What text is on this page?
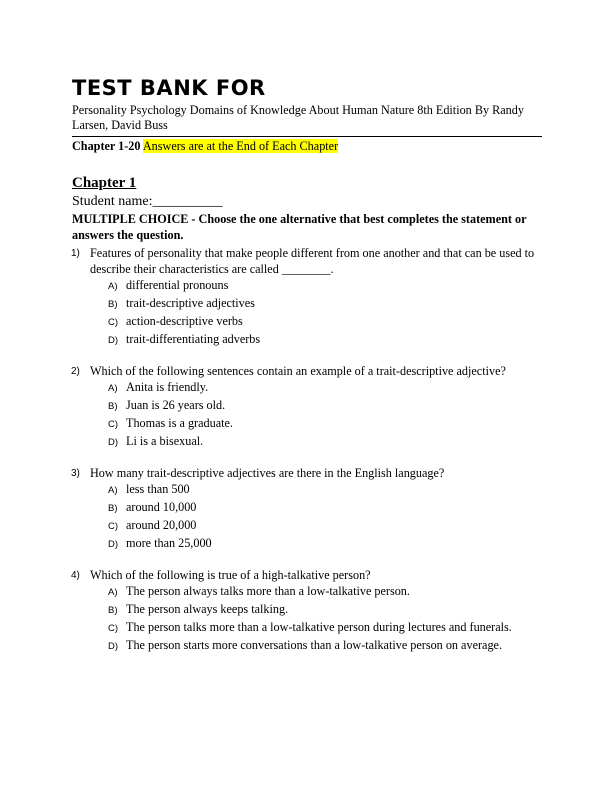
TEST BANK FOR
Personality Psychology Domains of Knowledge About Human Nature 8th Edition By Randy Larsen, David Buss
Chapter 1-20 Answers are at the End of Each Chapter
Chapter 1
Student name:__________
MULTIPLE CHOICE - Choose the one alternative that best completes the statement or answers the question.
1) Features of personality that make people different from one another and that can be used to describe their characteristics are called ________.
A) differential pronouns
B) trait-descriptive adjectives
C) action-descriptive verbs
D) trait-differentiating adverbs
2) Which of the following sentences contain an example of a trait-descriptive adjective?
A) Anita is friendly.
B) Juan is 26 years old.
C) Thomas is a graduate.
D) Li is a bisexual.
3) How many trait-descriptive adjectives are there in the English language?
A) less than 500
B) around 10,000
C) around 20,000
D) more than 25,000
4) Which of the following is true of a high-talkative person?
A) The person always talks more than a low-talkative person.
B) The person always keeps talking.
C) The person talks more than a low-talkative person during lectures and funerals.
D) The person starts more conversations than a low-talkative person on average.
